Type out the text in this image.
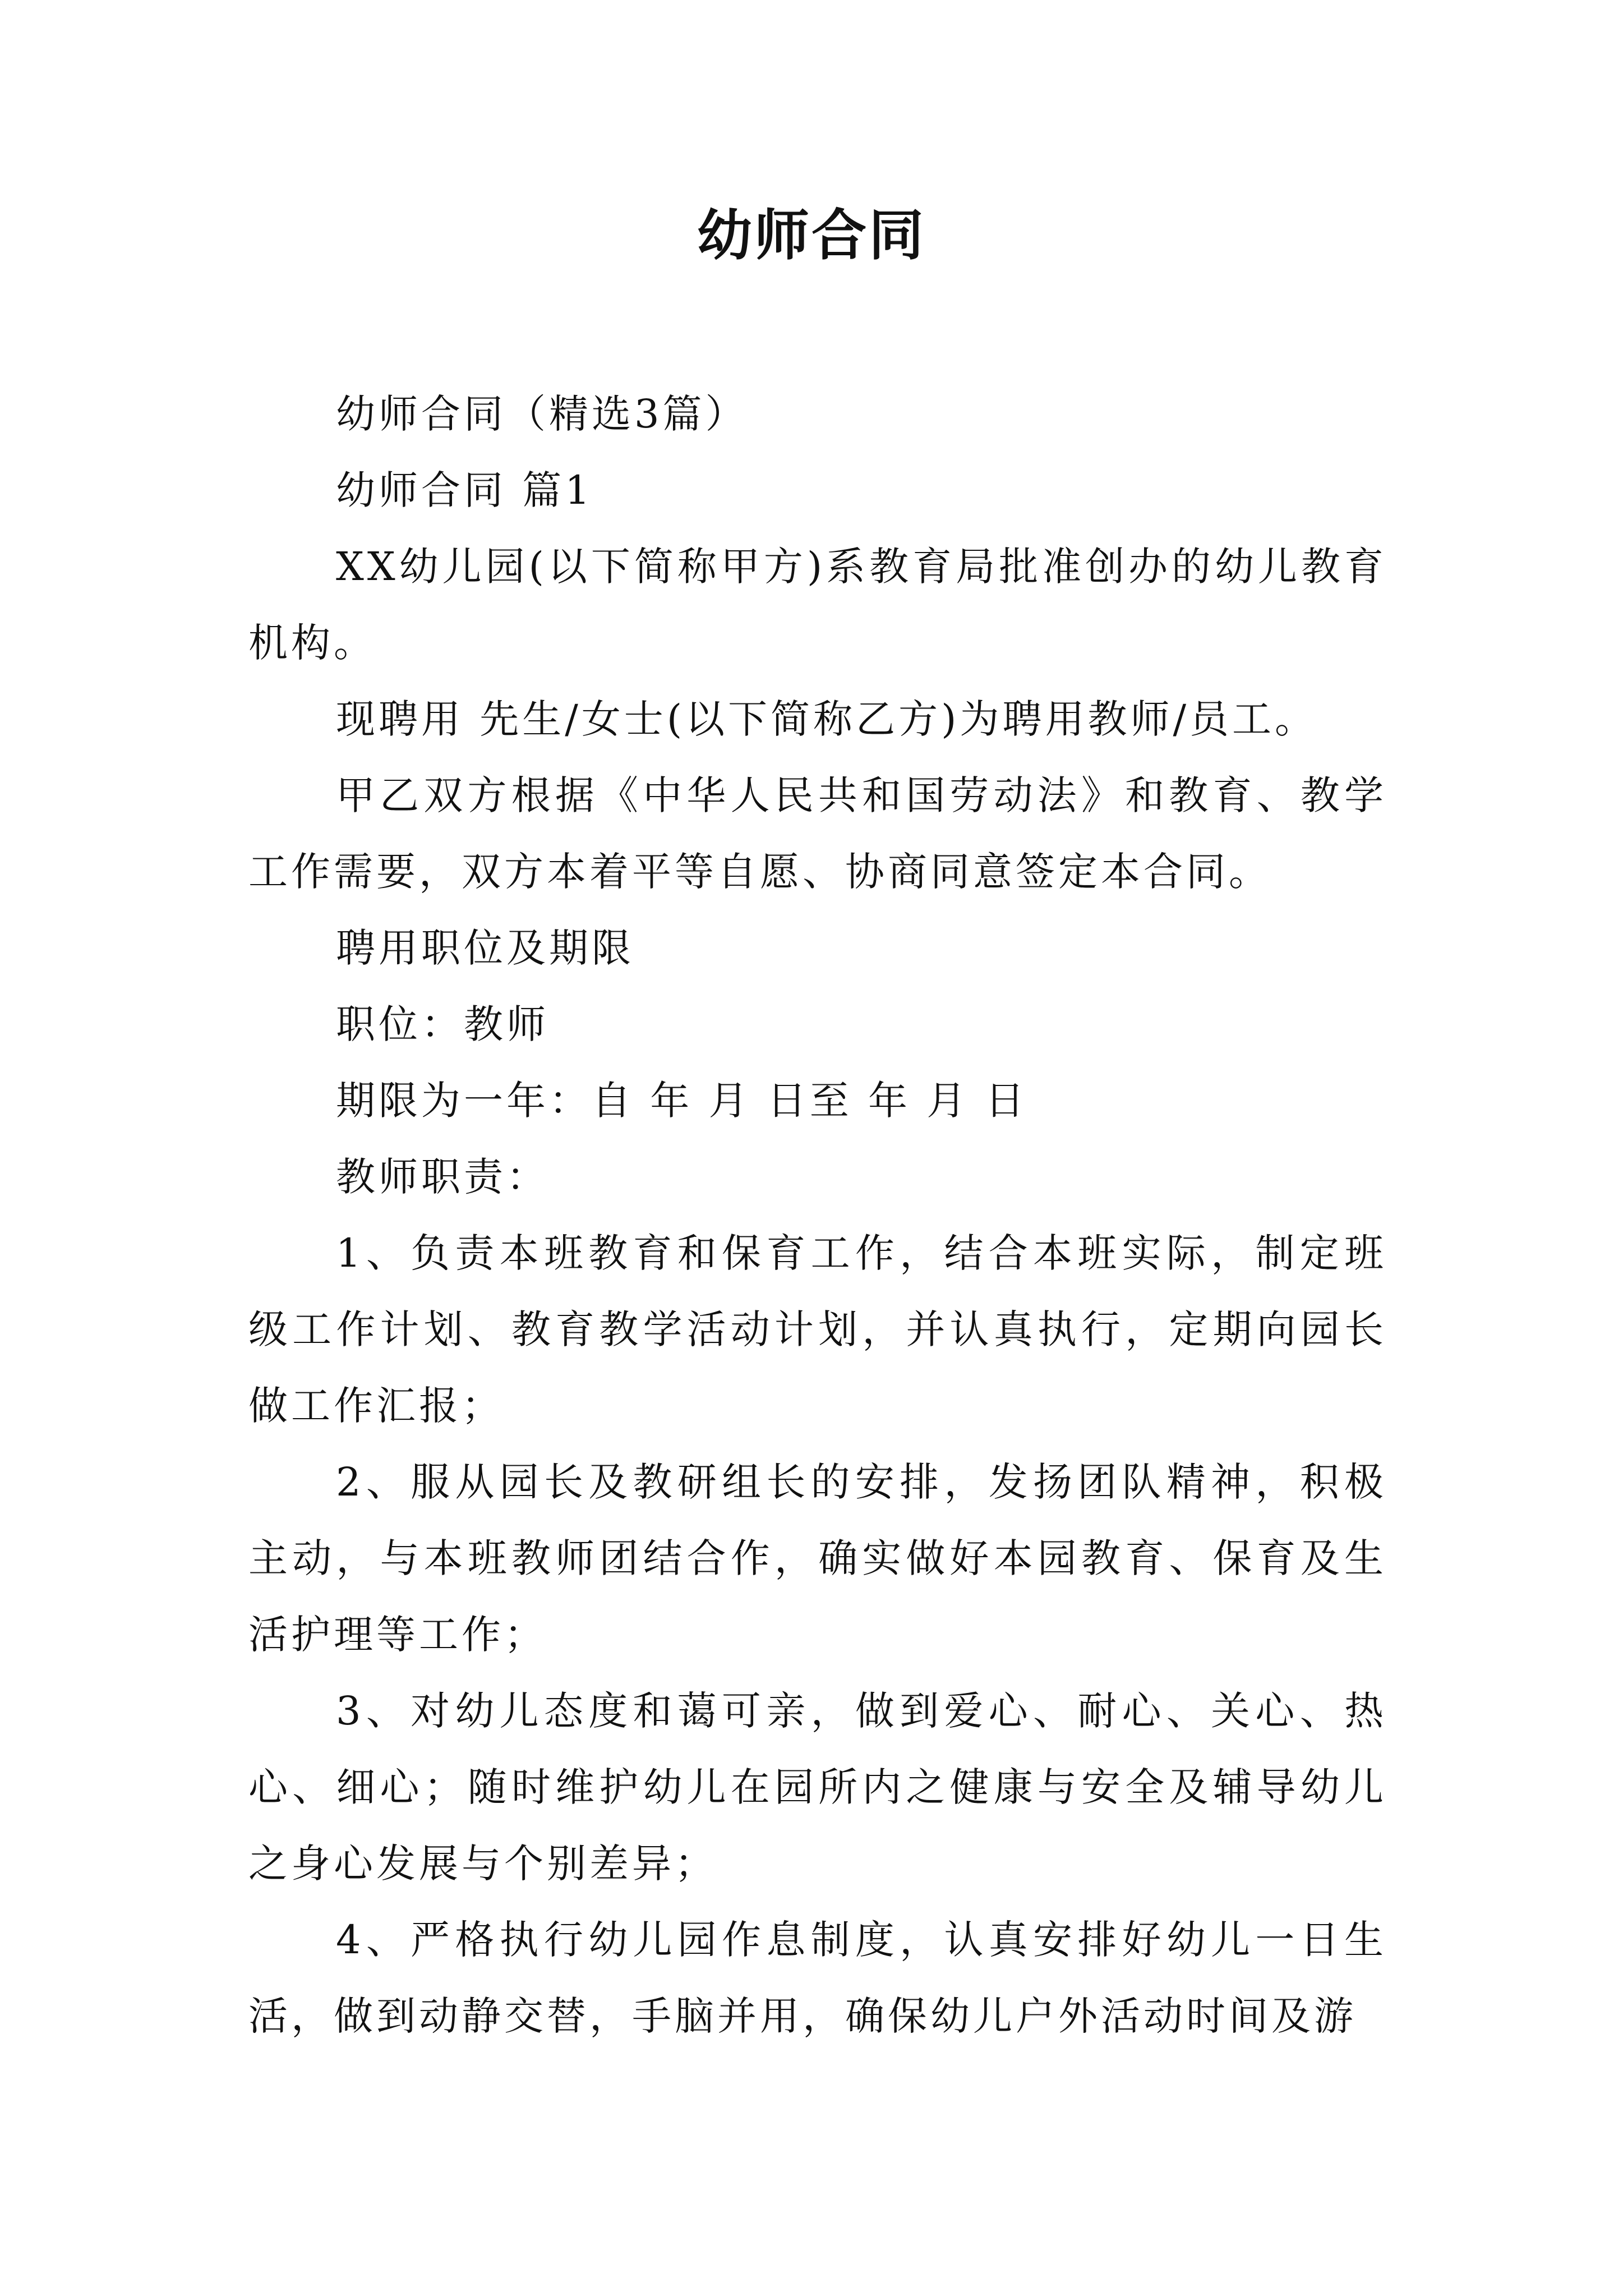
幼师合同

幼师合同（精选3篇）

幼师合同 篇1

XX幼儿园(以下简称甲方)系教育局批准创办的幼儿教育机构。

现聘用 先生/女士(以下简称乙方)为聘用教师/员工。

甲乙双方根据《中华人民共和国劳动法》和教育、教学工作需要，双方本着平等自愿、协商同意签定本合同。

聘用职位及期限

职位：教师

期限为一年：自 年 月 日至 年 月 日

教师职责：

1、负责本班教育和保育工作，结合本班实际，制定班级工作计划、教育教学活动计划，并认真执行，定期向园长做工作汇报；

2、服从园长及教研组长的安排，发扬团队精神，积极主动，与本班教师团结合作，确实做好本园教育、保育及生活护理等工作；

3、对幼儿态度和蔼可亲，做到爱心、耐心、关心、热心、细心；随时维护幼儿在园所内之健康与安全及辅导幼儿之身心发展与个别差异；

4、严格执行幼儿园作息制度，认真安排好幼儿一日生活，做到动静交替，手脑并用，确保幼儿户外活动时间及游
